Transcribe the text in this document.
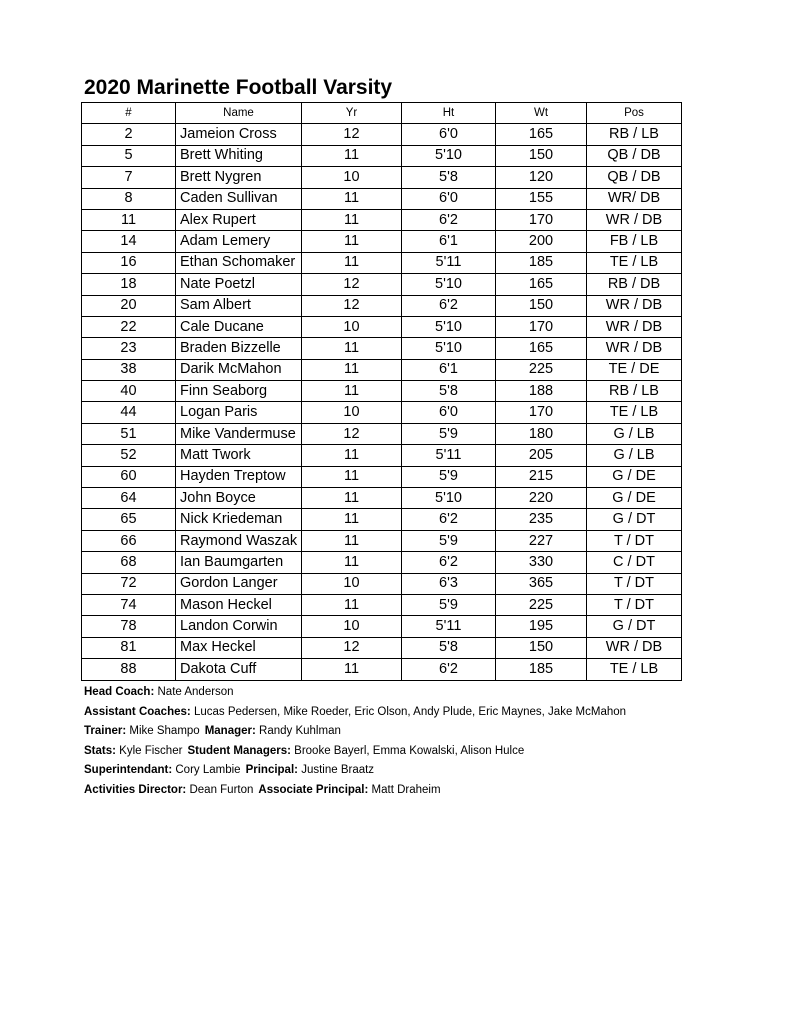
2020 Marinette Football Varsity
#	Name	Yr	Ht	Wt	Pos
2	Jameion Cross	12	6'0	165	RB / LB
5	Brett Whiting	11	5'10	150	QB / DB
7	Brett Nygren	10	5'8	120	QB / DB
8	Caden Sullivan	11	6'0	155	WR/ DB
11	Alex Rupert	11	6'2	170	WR / DB
14	Adam Lemery	11	6'1	200	FB / LB
16	Ethan Schomaker	11	5'11	185	TE / LB
18	Nate Poetzl	12	5'10	165	RB / DB
20	Sam Albert	12	6'2	150	WR / DB
22	Cale Ducane	10	5'10	170	WR / DB
23	Braden Bizzelle	11	5'10	165	WR / DB
38	Darik McMahon	11	6'1	225	TE / DE
40	Finn Seaborg	11	5'8	188	RB / LB
44	Logan Paris	10	6'0	170	TE / LB
51	Mike Vandermuse	12	5'9	180	G / LB
52	Matt Twork	11	5'11	205	G / LB
60	Hayden Treptow	11	5'9	215	G / DE
64	John Boyce	11	5'10	220	G / DE
65	Nick Kriedeman	11	6'2	235	G / DT
66	Raymond Waszak	11	5'9	227	T / DT
68	Ian Baumgarten	11	6'2	330	C / DT
72	Gordon Langer	10	6'3	365	T / DT
74	Mason Heckel	11	5'9	225	T / DT
78	Landon Corwin	10	5'11	195	G / DT
81	Max Heckel	12	5'8	150	WR / DB
88	Dakota Cuff	11	6'2	185	TE / LB
Head Coach: Nate Anderson
Assistant Coaches: Lucas Pedersen, Mike Roeder, Eric Olson, Andy Plude, Eric Maynes, Jake McMahon
Trainer: Mike Shampo Manager: Randy Kuhlman
Stats: Kyle Fischer Student Managers: Brooke Bayerl, Emma Kowalski, Alison Hulce
Superintendant: Cory Lambie Principal: Justine Braatz
Activities Director: Dean Furton Associate Principal: Matt Draheim
